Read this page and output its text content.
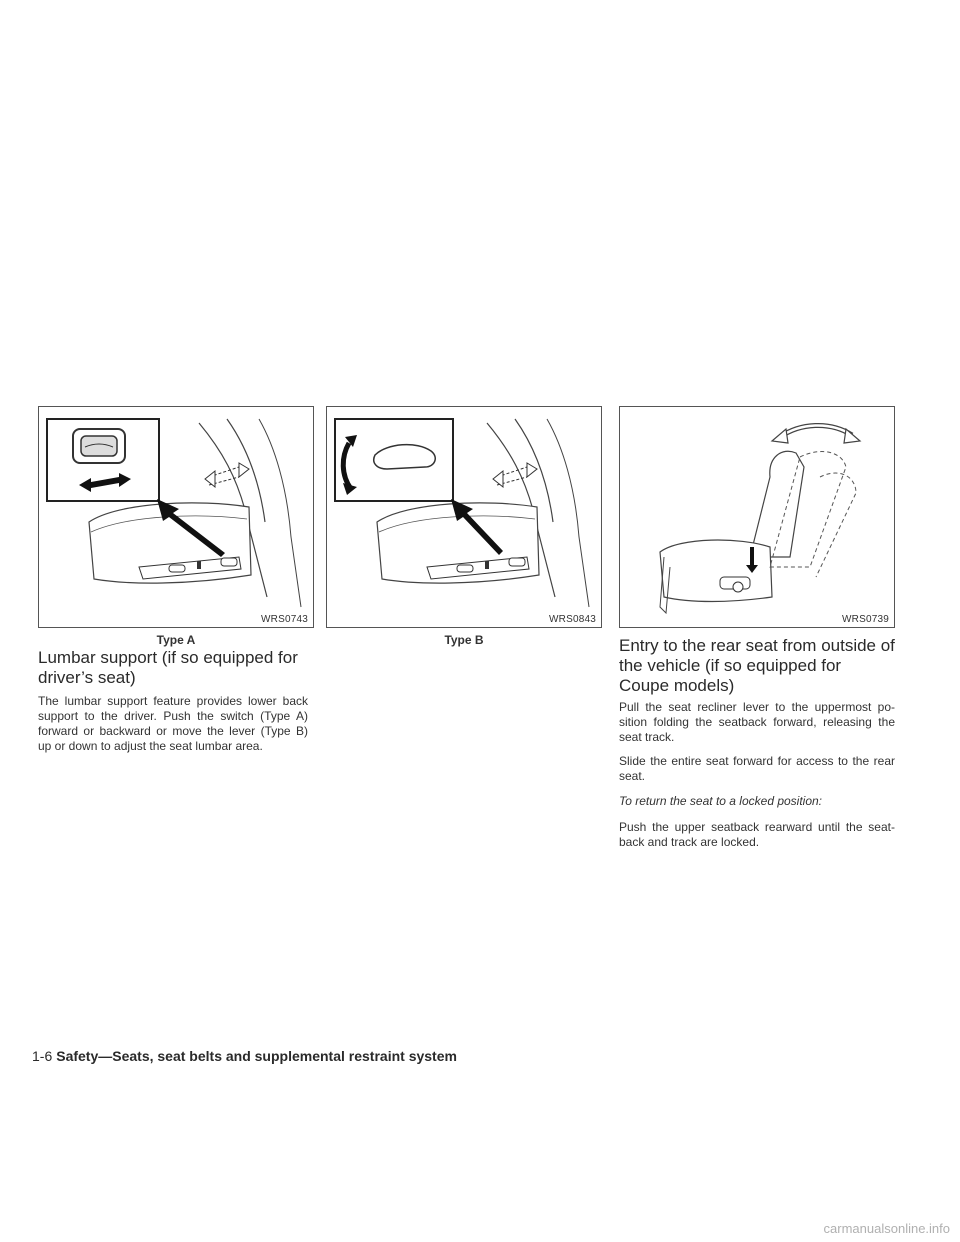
WRS0743
Type A
WRS0843
Type B
WRS0739
Lumbar support (if so equipped for driver’s seat)

The lumbar support feature provides lower back support to the driver. Push the switch (Type A) forward or backward or move the lever (Type B) up or down to adjust the seat lumbar area.

Entry to the rear seat from outside of the vehicle (if so equipped for Coupe models)

Pull the seat recliner lever to the uppermost po-sition folding the seatback forward, releasing the seat track.

Slide the entire seat forward for access to the rear seat.

To return the seat to a locked position:

Push the upper seatback rearward until the seat-back and track are locked.

1-6 Safety—Seats, seat belts and supplemental restraint system
carmanualsonline.info
